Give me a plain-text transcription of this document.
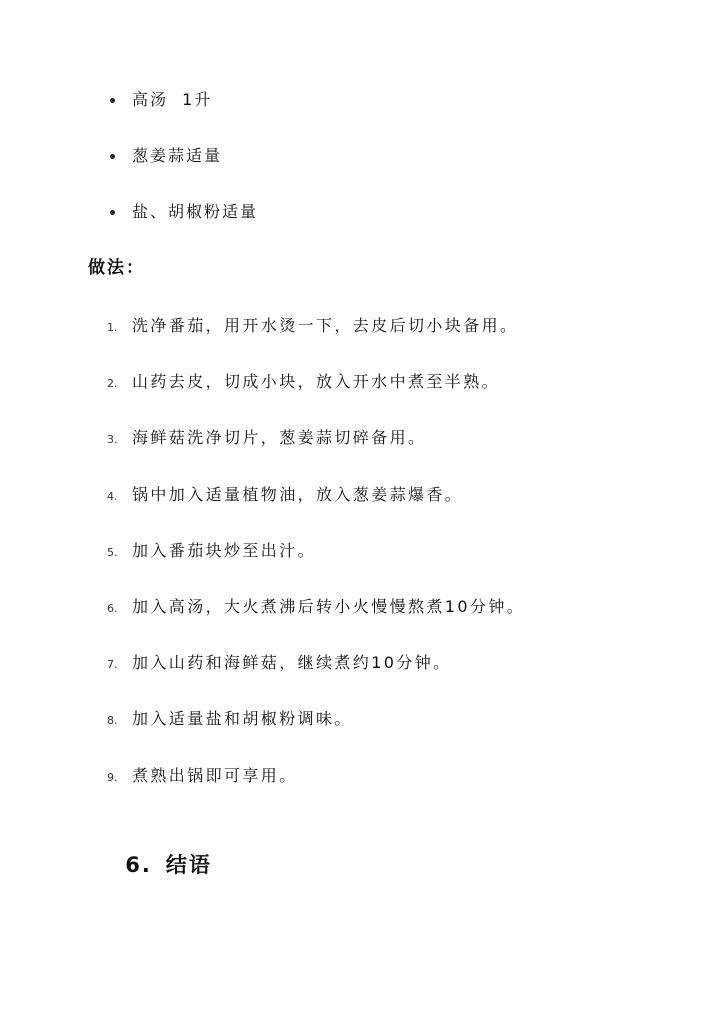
高汤  1升
葱姜蒜适量
盐、胡椒粉适量
做法：
1. 洗净番茄，用开水烫一下，去皮后切小块备用。
2. 山药去皮，切成小块，放入开水中煮至半熟。
3. 海鲜菇洗净切片，葱姜蒜切碎备用。
4. 锅中加入适量植物油，放入葱姜蒜爆香。
5. 加入番茄块炒至出汁。
6. 加入高汤，大火煮沸后转小火慢慢熬煮10分钟。
7. 加入山药和海鲜菇，继续煮约10分钟。
8. 加入适量盐和胡椒粉调味。
9. 煮熟出锅即可享用。

6. 结语
